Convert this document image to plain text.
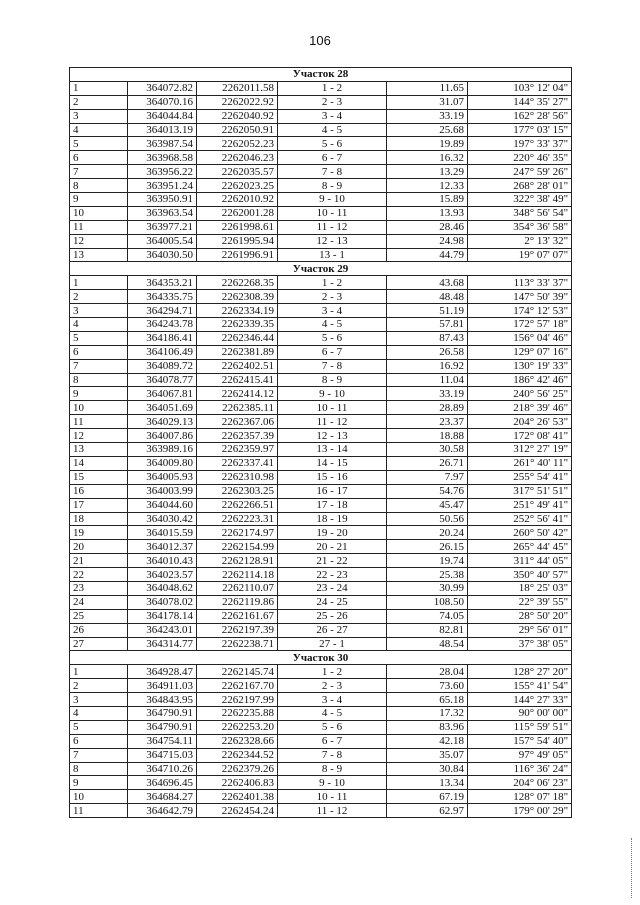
106
Участок 28					
1	364072.82	2262011.58	1 - 2	11.65	103° 12' 04"
2	364070.16	2262022.92	2 - 3	31.07	144° 35' 27"
3	364044.84	2262040.92	3 - 4	33.19	162° 28' 56"
4	364013.19	2262050.91	4 - 5	25.68	177° 03' 15"
5	363987.54	2262052.23	5 - 6	19.89	197° 33' 37"
6	363968.58	2262046.23	6 - 7	16.32	220° 46' 35"
7	363956.22	2262035.57	7 - 8	13.29	247° 59' 26"
8	363951.24	2262023.25	8 - 9	12.33	268° 28' 01"
9	363950.91	2262010.92	9 - 10	15.89	322° 38' 49"
10	363963.54	2262001.28	10 - 11	13.93	348° 56' 54"
11	363977.21	2261998.61	11 - 12	28.46	354° 36' 58"
12	364005.54	2261995.94	12 - 13	24.98	2° 13' 32"
13	364030.50	2261996.91	13 - 1	44.79	19° 07' 07"
Участок 29					
1	364353.21	2262268.35	1 - 2	43.68	113° 33' 37"
2	364335.75	2262308.39	2 - 3	48.48	147° 50' 39"
3	364294.71	2262334.19	3 - 4	51.19	174° 12' 53"
4	364243.78	2262339.35	4 - 5	57.81	172° 57' 18"
5	364186.41	2262346.44	5 - 6	87.43	156° 04' 46"
6	364106.49	2262381.89	6 - 7	26.58	129° 07' 16"
7	364089.72	2262402.51	7 - 8	16.92	130° 19' 33"
8	364078.77	2262415.41	8 - 9	11.04	186° 42' 46"
9	364067.81	2262414.12	9 - 10	33.19	240° 56' 25"
10	364051.69	2262385.11	10 - 11	28.89	218° 39' 46"
11	364029.13	2262367.06	11 - 12	23.37	204° 26' 53"
12	364007.86	2262357.39	12 - 13	18.88	172° 08' 41"
13	363989.16	2262359.97	13 - 14	30.58	312° 27' 19"
14	364009.80	2262337.41	14 - 15	26.71	261° 40' 11"
15	364005.93	2262310.98	15 - 16	7.97	255° 54' 41"
16	364003.99	2262303.25	16 - 17	54.76	317° 51' 51"
17	364044.60	2262266.51	17 - 18	45.47	251° 49' 41"
18	364030.42	2262223.31	18 - 19	50.56	252° 56' 41"
19	364015.59	2262174.97	19 - 20	20.24	260° 50' 42"
20	364012.37	2262154.99	20 - 21	26.15	265° 44' 45"
21	364010.43	2262128.91	21 - 22	19.74	311° 44' 05"
22	364023.57	2262114.18	22 - 23	25.38	350° 40' 57"
23	364048.62	2262110.07	23 - 24	30.99	18° 25' 03"
24	364078.02	2262119.86	24 - 25	108.50	22° 39' 55"
25	364178.14	2262161.67	25 - 26	74.05	28° 50' 20"
26	364243.01	2262197.39	26 - 27	82.81	29° 56' 01"
27	364314.77	2262238.71	27 - 1	48.54	37° 38' 05"
Участок 30					
1	364928.47	2262145.74	1 - 2	28.04	128° 27' 20"
2	364911.03	2262167.70	2 - 3	73.60	155° 41' 54"
3	364843.95	2262197.99	3 - 4	65.18	144° 27' 33"
4	364790.91	2262235.88	4 - 5	17.32	90° 00' 00"
5	364790.91	2262253.20	5 - 6	83.96	115° 59' 51"
6	364754.11	2262328.66	6 - 7	42.18	157° 54' 40"
7	364715.03	2262344.52	7 - 8	35.07	97° 49' 05"
8	364710.26	2262379.26	8 - 9	30.84	116° 36' 24"
9	364696.45	2262406.83	9 - 10	13.34	204° 06' 23"
10	364684.27	2262401.38	10 - 11	67.19	128° 07' 18"
11	364642.79	2262454.24	11 - 12	62.97	179° 00' 29"
